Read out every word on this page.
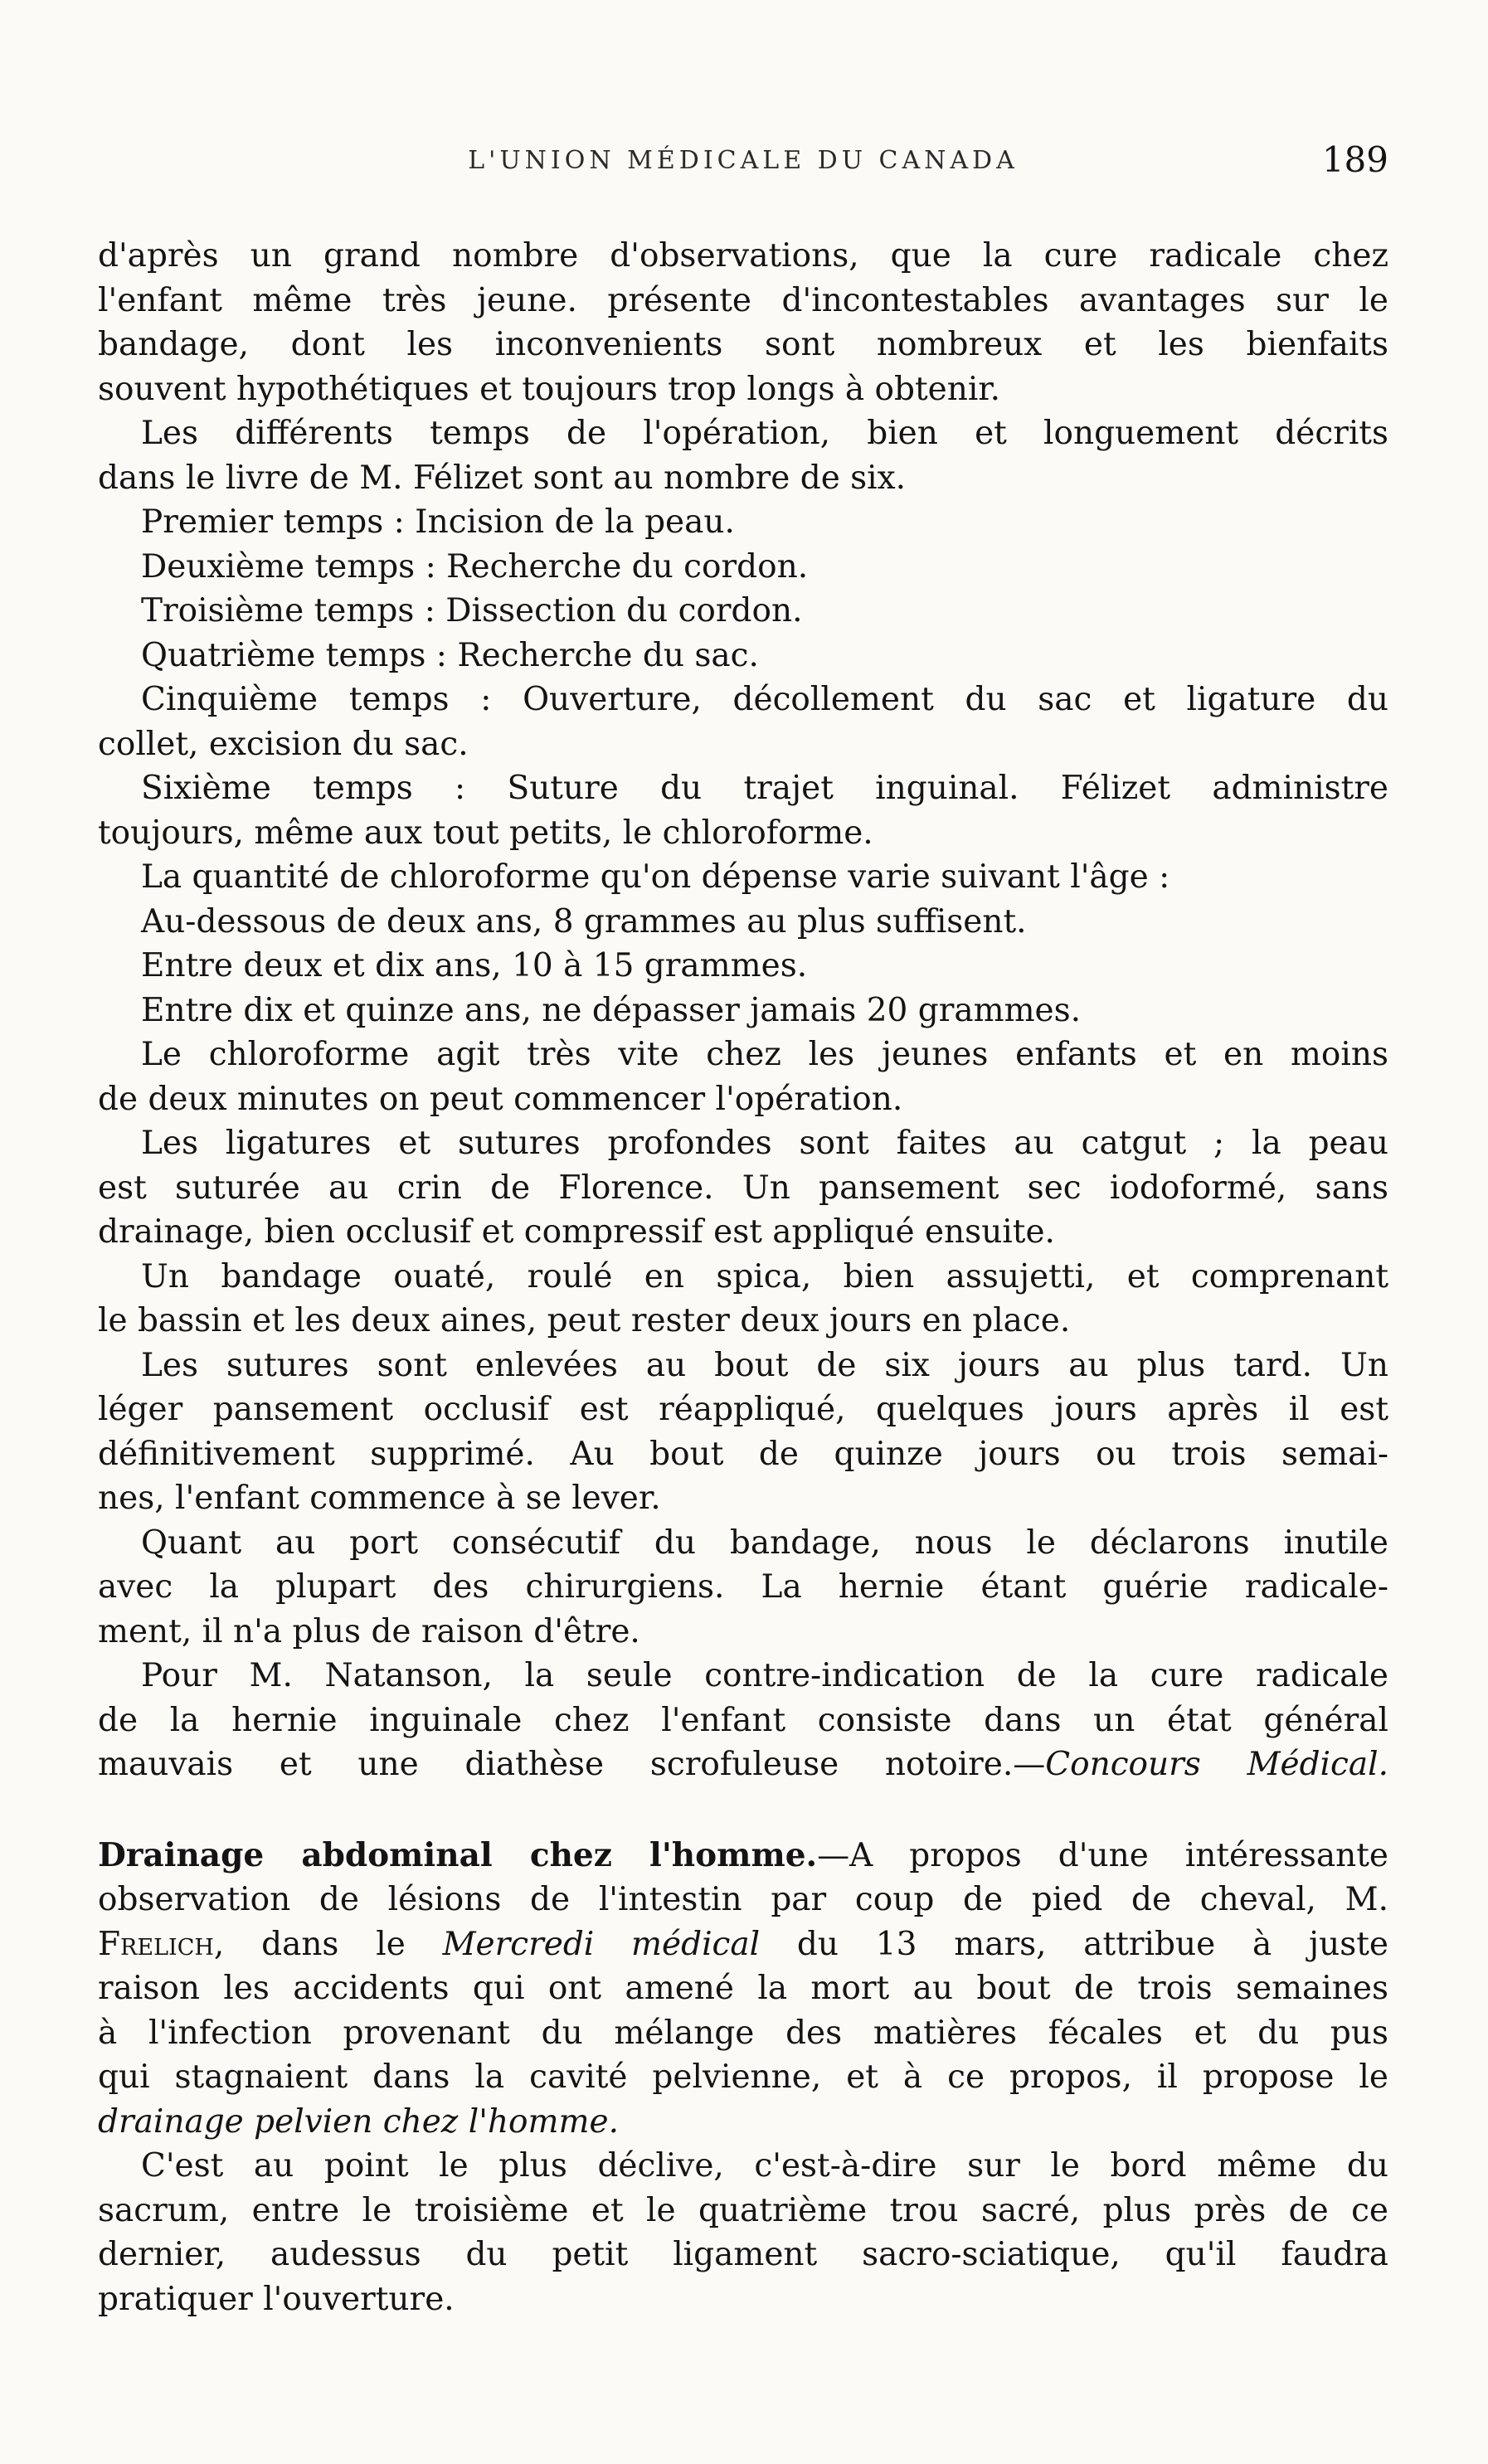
L'UNION MÉDICALE DU CANADA	189
d'après un grand nombre d'observations, que la cure radicale chez
l'enfant même très jeune. présente d'incontestables avantages sur le
bandage, dont les inconvenients sont nombreux et les bienfaits
souvent hypothétiques et toujours trop longs à obtenir.
Les différents temps de l'opération, bien et longuement décrits
dans le livre de M. Félizet sont au nombre de six.
Premier temps : Incision de la peau.
Deuxième temps : Recherche du cordon.
Troisième temps : Dissection du cordon.
Quatrième temps : Recherche du sac.
Cinquième temps : Ouverture, décollement du sac et ligature du
collet, excision du sac.
Sixième temps : Suture du trajet inguinal. Félizet administre
toujours, même aux tout petits, le chloroforme.
La quantité de chloroforme qu'on dépense varie suivant l'âge :
Au-dessous de deux ans, 8 grammes au plus suffisent.
Entre deux et dix ans, 10 à 15 grammes.
Entre dix et quinze ans, ne dépasser jamais 20 grammes.
Le chloroforme agit très vite chez les jeunes enfants et en moins
de deux minutes on peut commencer l'opération.
Les ligatures et sutures profondes sont faites au catgut ; la peau
est suturée au crin de Florence. Un pansement sec iodoformé, sans
drainage, bien occlusif et compressif est appliqué ensuite.
Un bandage ouaté, roulé en spica, bien assujetti, et comprenant
le bassin et les deux aines, peut rester deux jours en place.
Les sutures sont enlevées au bout de six jours au plus tard. Un
léger pansement occlusif est réappliqué, quelques jours après il est
définitivement supprimé. Au bout de quinze jours ou trois semai-
nes, l'enfant commence à se lever.
Quant au port consécutif du bandage, nous le déclarons inutile
avec la plupart des chirurgiens. La hernie étant guérie radicale-
ment, il n'a plus de raison d'être.
Pour M. Natanson, la seule contre-indication de la cure radicale
de la hernie inguinale chez l'enfant consiste dans un état général
mauvais et une diathèse scrofuleuse notoire.—Concours Médical.
Drainage abdominal chez l'homme.—A propos d'une intéressante
observation de lésions de l'intestin par coup de pied de cheval, M.
Frelich, dans le Mercredi médical du 13 mars, attribue à juste
raison les accidents qui ont amené la mort au bout de trois semaines
à l'infection provenant du mélange des matières fécales et du pus
qui stagnaient dans la cavité pelvienne, et à ce propos, il propose le
drainage pelvien chez l'homme.
C'est au point le plus déclive, c'est-à-dire sur le bord même du
sacrum, entre le troisième et le quatrième trou sacré, plus près de ce
dernier, audessus du petit ligament sacro-sciatique, qu'il faudra
pratiquer l'ouverture.
